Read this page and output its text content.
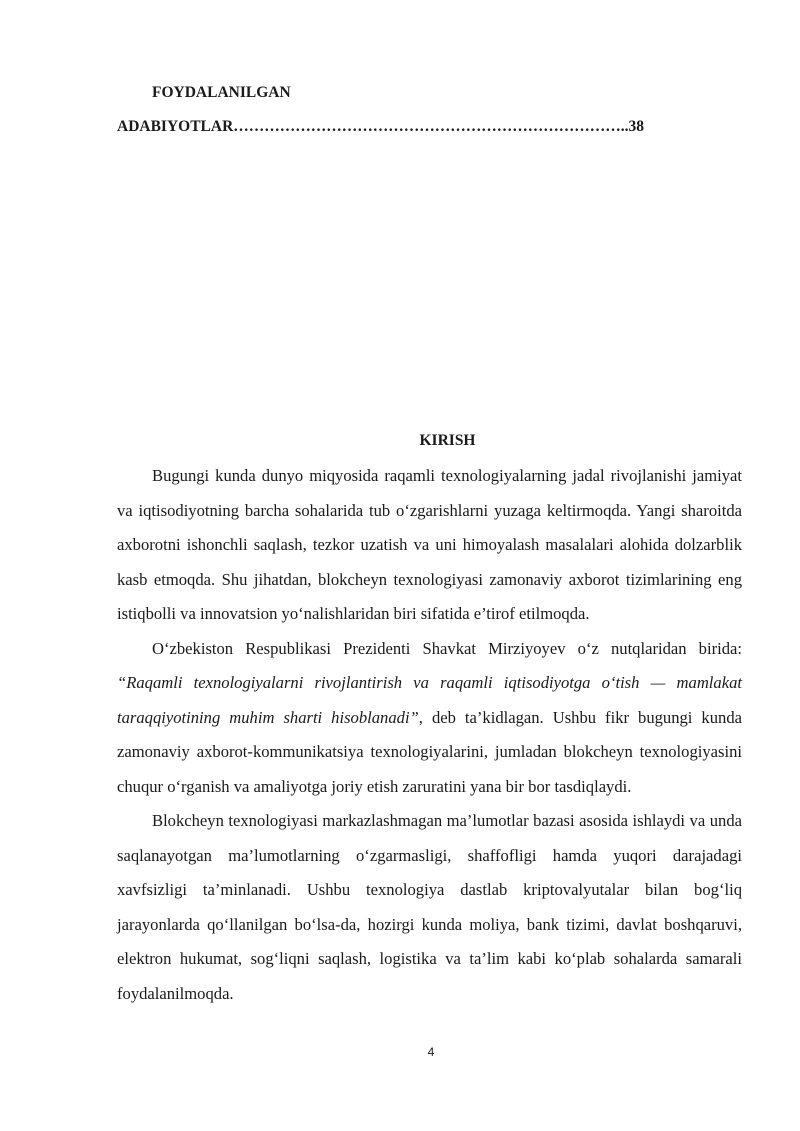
FOYDALANILGAN
ADABIYOTLAR…………………………………………………………………..38
KIRISH

Bugungi kunda dunyo miqyosida raqamli texnologiyalarning jadal rivojlanishi jamiyat va iqtisodiyotning barcha sohalarida tub o‘zgarishlarni yuzaga keltirmoqda. Yangi sharoitda axborotni ishonchli saqlash, tezkor uzatish va uni himoyalash masalalari alohida dolzarblik kasb etmoqda. Shu jihatdan, blokcheyn texnologiyasi zamonaviy axborot tizimlarining eng istiqbolli va innovatsion yo‘nalishlaridan biri sifatida e’tirof etilmoqda.

O‘zbekiston Respublikasi Prezidenti Shavkat Mirziyoyev o‘z nutqlaridan birida: “Raqamli texnologiyalarni rivojlantirish va raqamli iqtisodiyotga o‘tish — mamlakat taraqqiyotining muhim sharti hisoblanadi”, deb ta’kidlagan. Ushbu fikr bugungi kunda zamonaviy axborot-kommunikatsiya texnologiyalarini, jumladan blokcheyn texnologiyasini chuqur o‘rganish va amaliyotga joriy etish zaruratini yana bir bor tasdiqlaydi.

Blokcheyn texnologiyasi markazlashmagan ma’lumotlar bazasi asosida ishlaydi va unda saqlanayotgan ma’lumotlarning o‘zgarmasligi, shaffofligi hamda yuqori darajadagi xavfsizligi ta’minlanadi. Ushbu texnologiya dastlab kriptovalyutalar bilan bog‘liq jarayonlarda qo‘llanilgan bo‘lsa-da, hozirgi kunda moliya, bank tizimi, davlat boshqaruvi, elektron hukumat, sog‘liqni saqlash, logistika va ta’lim kabi ko‘plab sohalarda samarali foydalanilmoqda.

4
